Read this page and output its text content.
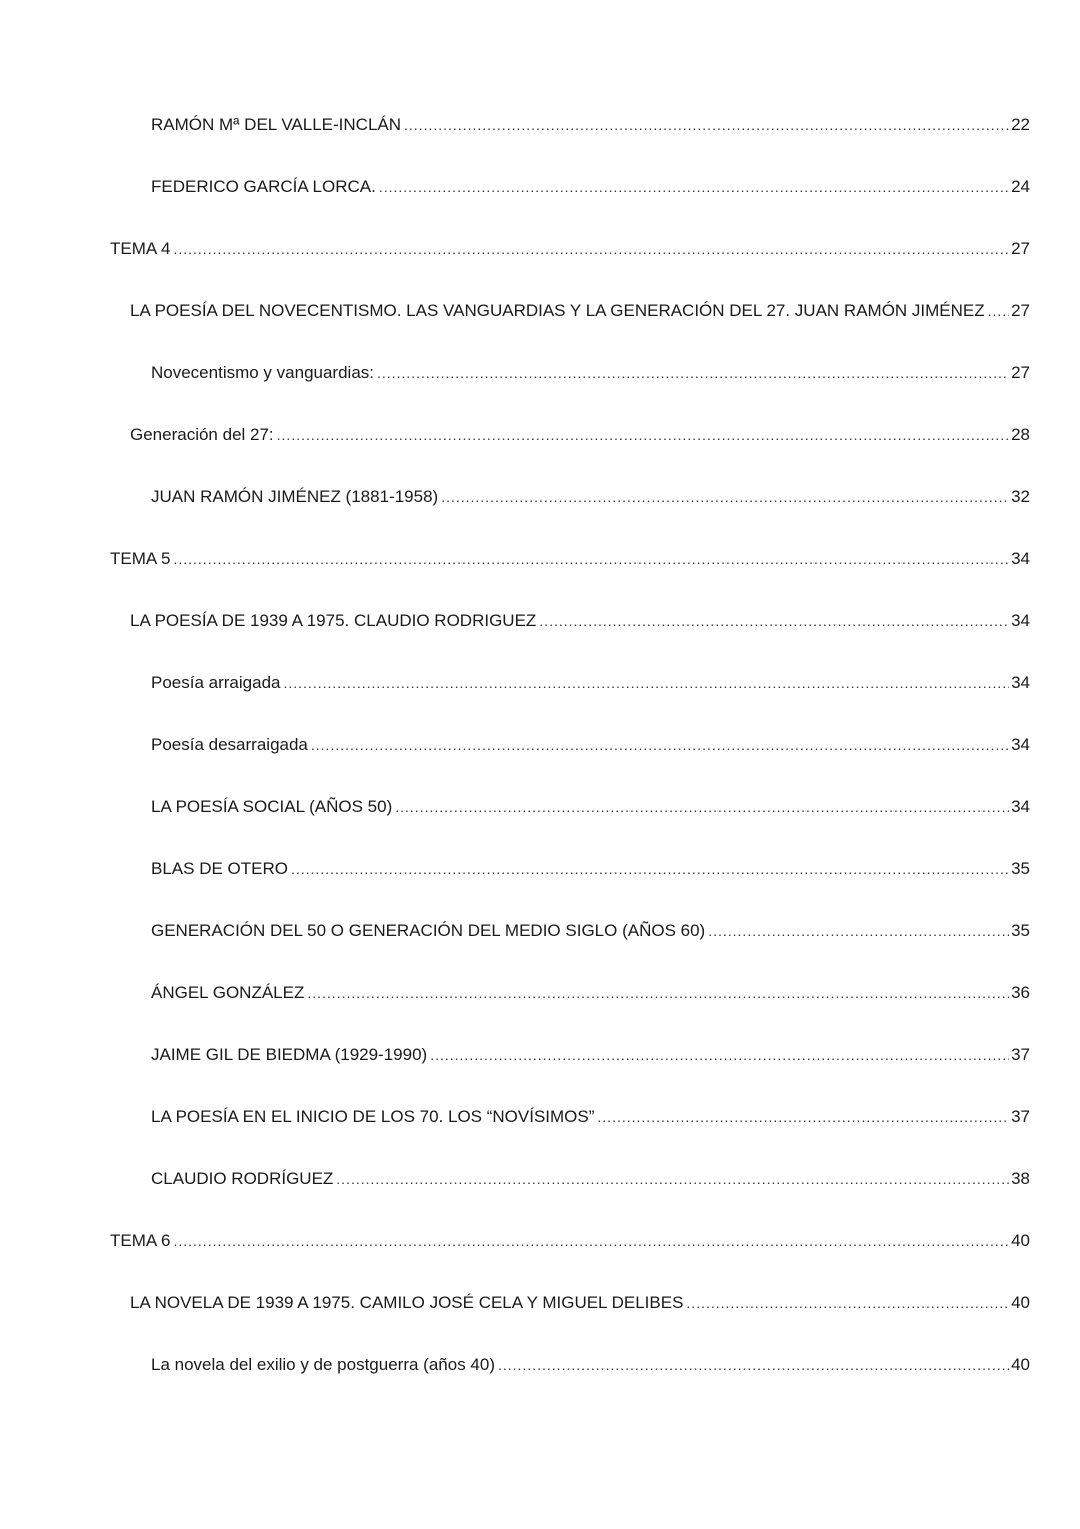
RAMÓN Mª DEL VALLE-INCLÁN .....	22
FEDERICO GARCÍA LORCA. .....	24
TEMA 4 .....	27
LA POESÍA DEL NOVECENTISMO. LAS VANGUARDIAS Y LA GENERACIÓN DEL 27. JUAN RAMÓN JIMÉNEZ ..... 27
Novecentismo y vanguardias: .....	27
Generación del 27: .....	28
JUAN RAMÓN JIMÉNEZ (1881-1958) .....	32
TEMA 5 .....	34
LA POESÍA DE 1939 A 1975. CLAUDIO RODRIGUEZ .....	34
Poesía arraigada .....	34
Poesía desarraigada .....	34
LA POESÍA SOCIAL (AÑOS 50) .....	34
BLAS DE OTERO .....	35
GENERACIÓN DEL 50 O GENERACIÓN DEL MEDIO SIGLO (AÑOS 60) .....	35
ÁNGEL GONZÁLEZ .....	36
JAIME GIL DE BIEDMA (1929-1990) .....	37
LA POESÍA EN EL INICIO DE LOS 70. LOS “NOVÍSIMOS” .....	37
CLAUDIO RODRÍGUEZ .....	38
TEMA 6 .....	40
LA NOVELA DE 1939 A 1975. CAMILO JOSÉ CELA Y MIGUEL DELIBES .....	40
La novela del exilio y de postguerra (años 40) .....	40
